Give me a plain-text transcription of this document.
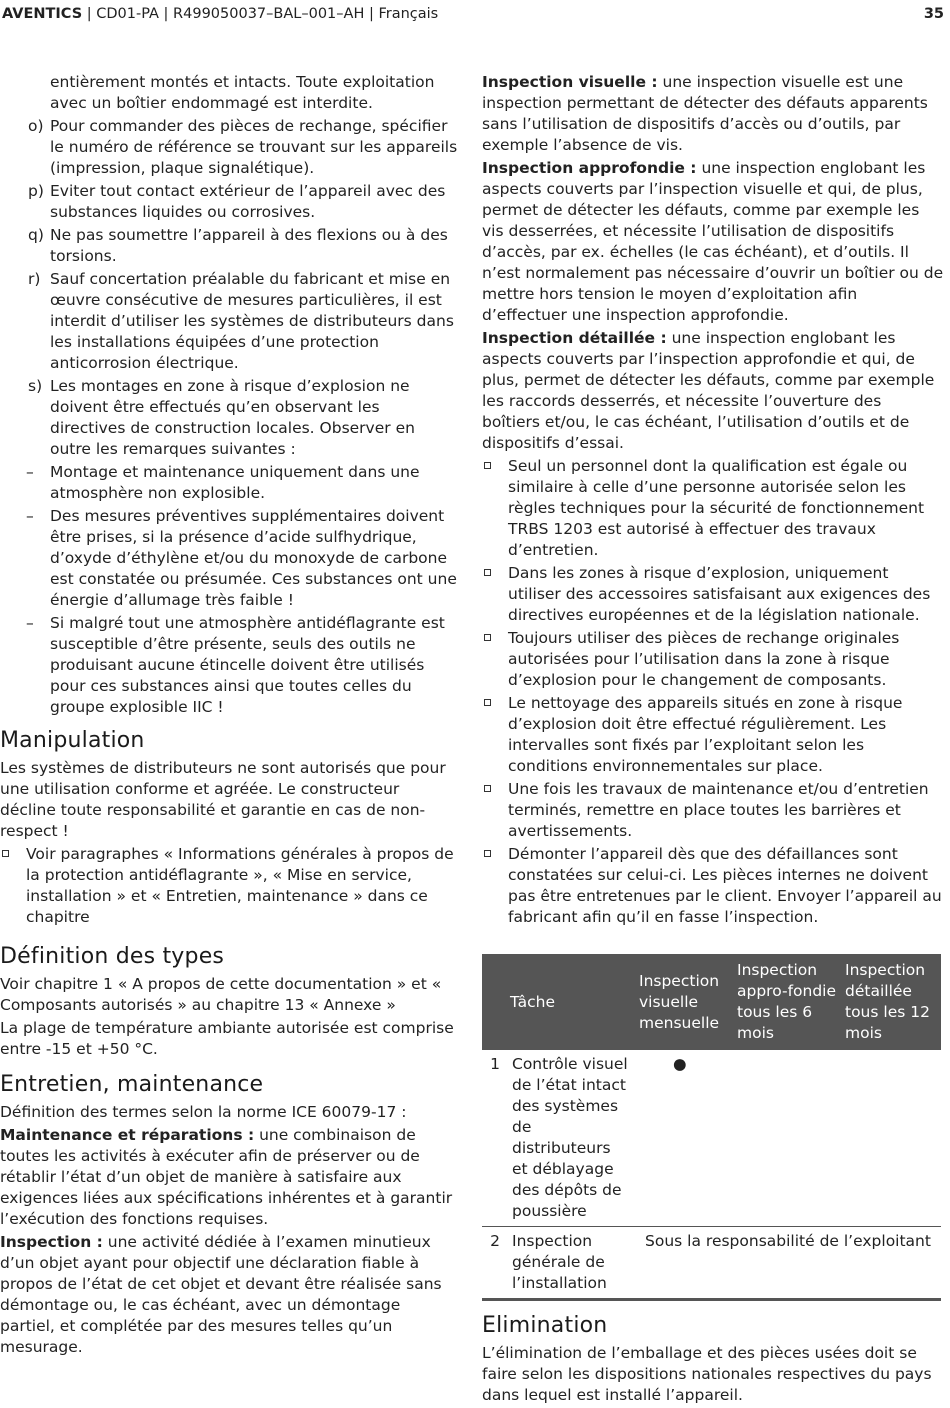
AVENTICS | CD01-PA | R499050037–BAL–001–AH | Français	35
entièrement montés et intacts. Toute exploitation avec un boîtier endommagé est interdite.
o) Pour commander des pièces de rechange, spécifier le numéro de référence se trouvant sur les appareils (impression, plaque signalétique).
p) Eviter tout contact extérieur de l’appareil avec des substances liquides ou corrosives.
q) Ne pas soumettre l’appareil à des flexions ou à des torsions.
r) Sauf concertation préalable du fabricant et mise en œuvre consécutive de mesures particulières, il est interdit d’utiliser les systèmes de distributeurs dans les installations équipées d’une protection anticorrosion électrique.
s) Les montages en zone à risque d’explosion ne doivent être effectués qu’en observant les directives de construction locales. Observer en outre les remarques suivantes :
– Montage et maintenance uniquement dans une atmosphère non explosible.
– Des mesures préventives supplémentaires doivent être prises, si la présence d’acide sulfhydrique, d’oxyde d’éthylène et/ou du monoxyde de carbone est constatée ou présumée. Ces substances ont une énergie d’allumage très faible !
– Si malgré tout une atmosphère antidéflagrante est susceptible d’être présente, seuls des outils ne produisant aucune étincelle doivent être utilisés pour ces substances ainsi que toutes celles du groupe explosible IIC !
Manipulation

Les systèmes de distributeurs ne sont autorisés que pour une utilisation conforme et agréée. Le constructeur décline toute responsabilité et garantie en cas de non-respect !

Voir paragraphes « Informations générales à propos de la protection antidéflagrante », « Mise en service, installation » et « Entretien, maintenance » dans ce chapitre
Définition des types

Voir chapitre 1 « A propos de cette documentation » et « Composants autorisés » au chapitre 13 « Annexe »

La plage de température ambiante autorisée est comprise entre -15 et +50 °C.

Entretien, maintenance

Définition des termes selon la norme ICE 60079-17 :

Maintenance et réparations : une combinaison de toutes les activités à exécuter afin de préserver ou de rétablir l’état d’un objet de manière à satisfaire aux exigences liées aux spécifications inhérentes et à garantir l’exécution des fonctions requises.

Inspection : une activité dédiée à l’examen minutieux d’un objet ayant pour objectif une déclaration fiable à propos de l’état de cet objet et devant être réalisée sans démontage ou, le cas échéant, avec un démontage partiel, et complétée par des mesures telles qu’un mesurage.

Inspection visuelle : une inspection visuelle est une inspection permettant de détecter des défauts apparents sans l’utilisation de dispositifs d’accès ou d’outils, par exemple l’absence de vis.

Inspection approfondie : une inspection englobant les aspects couverts par l’inspection visuelle et qui, de plus, permet de détecter les défauts, comme par exemple les vis desserrées, et nécessite l’utilisation de dispositifs d’accès, par ex. échelles (le cas échéant), et d’outils. Il n’est normalement pas nécessaire d’ouvrir un boîtier ou de mettre hors tension le moyen d’exploitation afin d’effectuer une inspection approfondie.

Inspection détaillée : une inspection englobant les aspects couverts par l’inspection approfondie et qui, de plus, permet de détecter les défauts, comme par exemple les raccords desserrés, et nécessite l’ouverture des boîtiers et/ou, le cas échéant, l’utilisation d’outils et de dispositifs d’essai.

Seul un personnel dont la qualification est égale ou similaire à celle d’une personne autorisée selon les règles techniques pour la sécurité de fonctionnement TRBS 1203 est autorisé à effectuer des travaux d’entretien.
Dans les zones à risque d’explosion, uniquement utiliser des accessoires satisfaisant aux exigences des directives européennes et de la législation nationale.
Toujours utiliser des pièces de rechange originales autorisées pour l’utilisation dans la zone à risque d’explosion pour le changement de composants.
Le nettoyage des appareils situés en zone à risque d’explosion doit être effectué régulièrement. Les intervalles sont fixés par l’exploitant selon les conditions environnementales sur place.
Une fois les travaux de maintenance et/ou d’entretien terminés, remettre en place toutes les barrières et avertissements.
Démonter l’appareil dès que des défaillances sont constatées sur celui-ci. Les pièces internes ne doivent pas être entretenues par le client. Envoyer l’appareil au fabricant afin qu’il en fasse l’inspection.
Tâche		Inspection visuelle mensuelle	Inspection appro-fondie tous les 6 mois	Inspection détaillée tous les 12 mois
1	Contrôle visuel de l’état intact des systèmes de distributeurs et déblayage des dépôts de poussière	●		
2	Inspection générale de l’installation	Sous la responsabilité de l’exploitant		
Elimination

L’élimination de l’emballage et des pièces usées doit se faire selon les dispositions nationales respectives du pays dans lequel est installé l’appareil.
